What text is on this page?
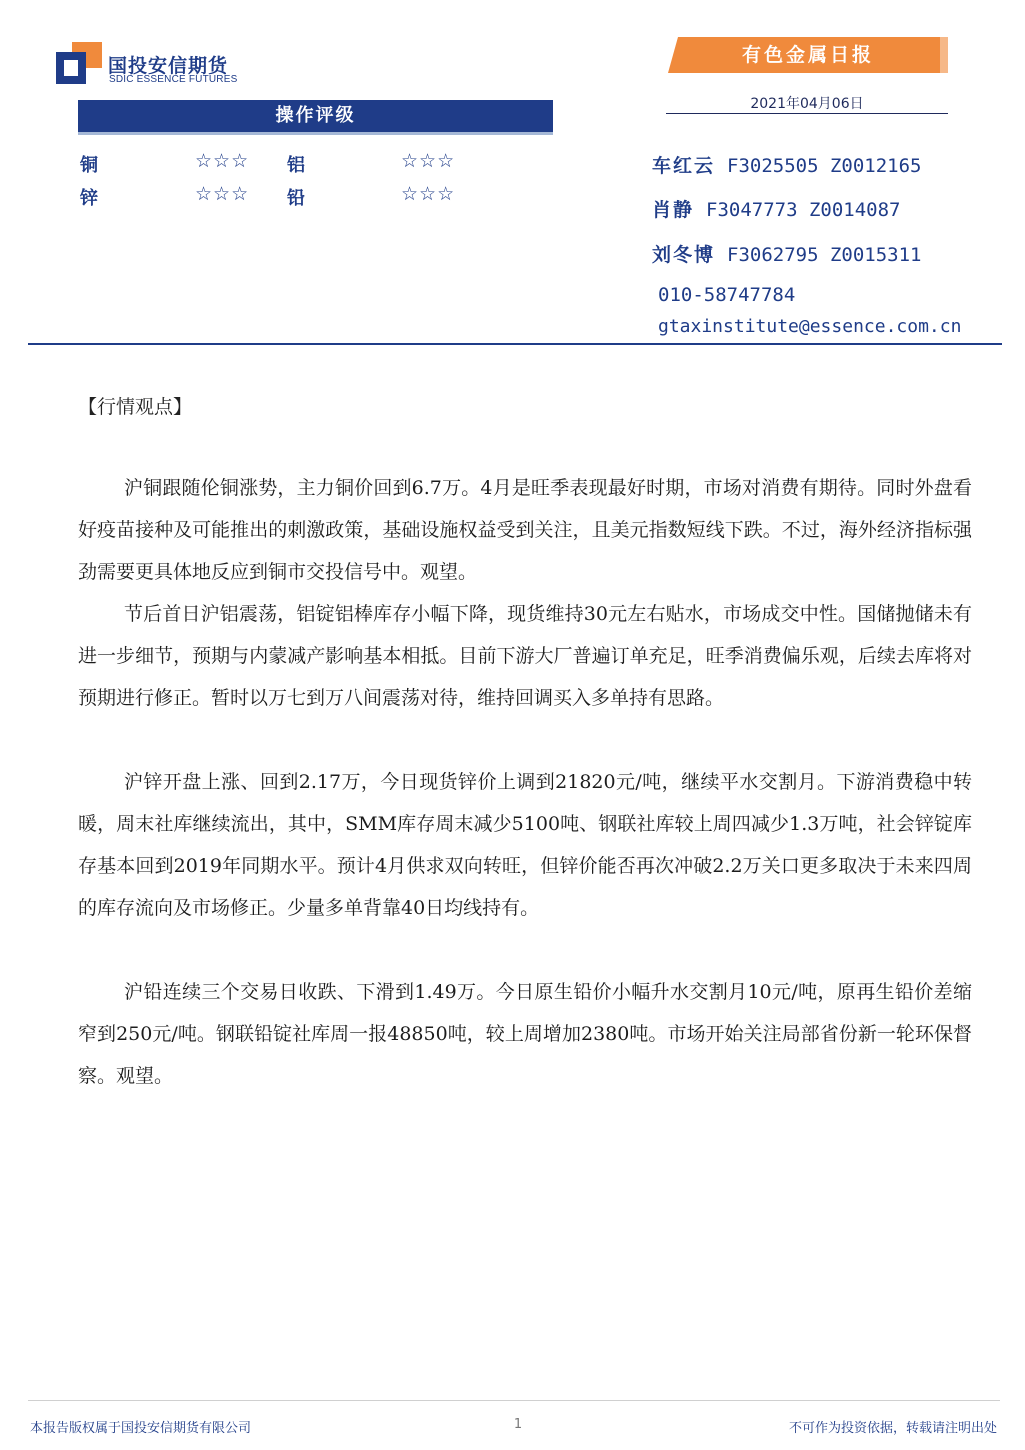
国投安信期货
SDIC ESSENCE FUTURES
有色金属日报
2021年04月06日
操作评级
铜	☆☆☆ 铝	☆☆☆
锌	☆☆☆ 铅	☆☆☆
车红云 F3025505 Z0012165
肖静 F3047773 Z0014087
刘冬博 F3062795 Z0015311
010-58747784
gtaxinstitute@essence.com.cn
【行情观点】

沪铜跟随伦铜涨势，主力铜价回到6.7万。4月是旺季表现最好时期，市场对消费有期待。同时外盘看好疫苗接种及可能推出的刺激政策，基础设施权益受到关注，且美元指数短线下跌。不过，海外经济指标强劲需要更具体地反应到铜市交投信号中。观望。

节后首日沪铝震荡，铝锭铝棒库存小幅下降，现货维持30元左右贴水，市场成交中性。国储抛储未有进一步细节，预期与内蒙减产影响基本相抵。目前下游大厂普遍订单充足，旺季消费偏乐观，后续去库将对预期进行修正。暂时以万七到万八间震荡对待，维持回调买入多单持有思路。

沪锌开盘上涨、回到2.17万，今日现货锌价上调到21820元/吨，继续平水交割月。下游消费稳中转暖，周末社库继续流出，其中，SMM库存周末减少5100吨、钢联社库较上周四减少1.3万吨，社会锌锭库存基本回到2019年同期水平。预计4月供求双向转旺，但锌价能否再次冲破2.2万关口更多取决于未来四周的库存流向及市场修正。少量多单背靠40日均线持有。

沪铅连续三个交易日收跌、下滑到1.49万。今日原生铅价小幅升水交割月10元/吨，原再生铅价差缩窄到250元/吨。钢联铅锭社库周一报48850吨，较上周增加2380吨。市场开始关注局部省份新一轮环保督察。观望。

本报告版权属于国投安信期货有限公司	1	不可作为投资依据，转载请注明出处
